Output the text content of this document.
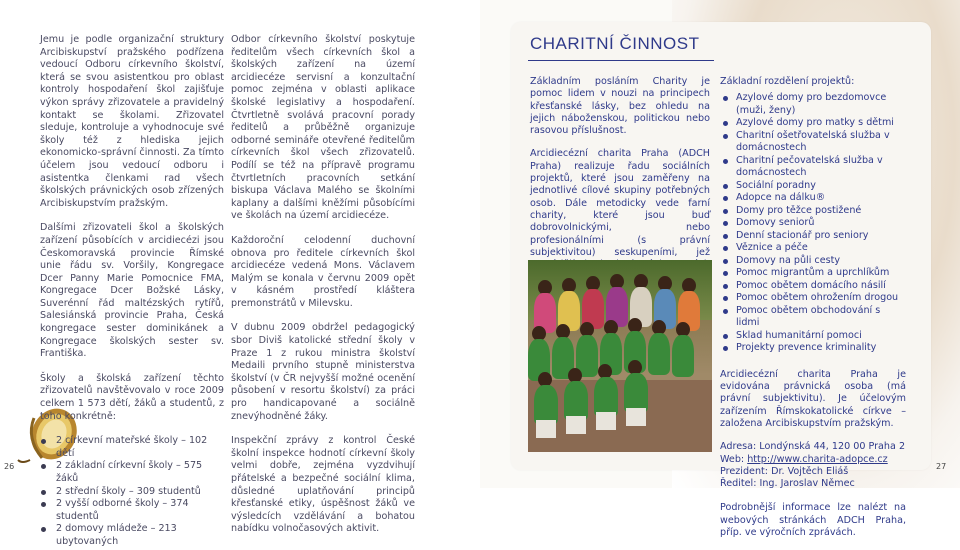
Jemu je podle organizační struktury Arcibiskupství pražského podřízena vedoucí Odboru církevního školství, která se svou asistentkou pro oblast kontroly hospodaření škol zajišťuje výkon správy zřizovatele a pravidelný kontakt se školami. Zřizovatel sleduje, kontroluje a vyhodnocuje své školy též z hlediska jejich ekonomicko-správní činnosti. Za tímto účelem jsou vedoucí odboru i asistentka členkami rad všech školských právnických osob zřízených Arcibiskupstvím pražským.

Dalšími zřizovateli škol a školských zařízení působících v arcidiecézi jsou Českomoravská provincie Římské unie řádu sv. Voršily, Kongregace Dcer Panny Marie Pomocnice FMA, Kongregace Dcer Božské Lásky, Suverénní řád maltézských rytířů, Salesiánská provincie Praha, Česká kongregace sester dominikánek a Kongregace školských sester sv. Františka.

Školy a školská zařízení těchto zřizovatelů navštěvovalo v roce 2009 celkem 1 573 dětí, žáků a studentů, z toho konkrétně:

2 církevní mateřské školy – 102 dětí
2 základní církevní školy – 575 žáků
2 střední školy – 309 studentů
2 vyšší odborné školy – 374 studentů
2 domovy mládeže – 213 ubytovaných

Odbor církevního školství poskytuje ředitelům všech církevních škol a školských zařízení na území arcidiecéze servisní a konzultační pomoc zejména v oblasti aplikace školské legislativy a hospodaření. Čtvrtletně svolává pracovní porady ředitelů a průběžně organizuje odborné semináře otevřené ředitelům církevních škol všech zřizovatelů. Podílí se též na přípravě programu čtvrtletních pracovních setkání biskupa Václava Malého se školními kaplany a dalšími kněžími působícími ve školách na území arcidiecéze.

Každoroční celodenní duchovní obnova pro ředitele církevních škol arcidiecéze vedená Mons. Václavem Malým se konala v červnu 2009 opět v kásném prostředí kláštera premonstrátů v Milevsku.

V dubnu 2009 obdržel pedagogický sbor Diviš katolické střední školy v Praze 1 z rukou ministra školství Medaili prvního stupně ministerstva školství (v ČR nejvyšší možné ocenění působení v resortu školství) za práci pro handicapované a sociálně znevýhodněné žáky.

Inspekční zprávy z kontrol České školní inspekce hodnotí církevní školy velmi dobře, zejména vyzdvihují přátelské a bezpečné sociální klima, důsledné uplatňování principů křesťanské etiky, úspěšnost žáků ve výsledcích vzdělávání a bohatou nabídku volnočasových aktivit.

26
CHARITNÍ ČINNOST

Základním posláním Charity je pomoc lidem v nouzi na principech křesťanské lásky, bez ohledu na jejich náboženskou, politickou nebo rasovou příslušnost.

Arcidiecézní charita Praha (ADCH Praha) realizuje řadu sociálních projektů, které jsou zaměřeny na jednotlivé cílové skupiny potřebných osob. Dále metodicky vede farní charity, které jsou buď dobrovolnickými, nebo profesionálními (s právní subjektivitou) seskupeními, jež

Základní rozdělení projektů:

Azylové domy pro bezdomovce (muži, ženy)
Azylové domy pro matky s dětmi
Charitní ošetřovatelská služba v domácnostech
Charitní pečovatelská služba v domácnostech
Sociální poradny
Adopce na dálku®
Domy pro těžce postižené
Domovy seniorů
Denní stacionář pro seniory
Věznice a péče
Domovy na půli cesty
Pomoc migrantům a uprchlíkům
Pomoc obětem domácího násilí
Pomoc obětem ohrožením drogou
Pomoc obětem obchodování s lidmi
Sklad humanitární pomoci
Projekty prevence kriminality

Arcidiecézní charita Praha je evidována právnická osoba (má právní subjektivitu). Je účelovým zařízením Římskokatolické církve – založena Arcibiskupstvím pražským.

Adresa: Londýnská 44, 120 00 Praha 2
Web: http://www.charita-adopce.cz
Prezident: Dr. Vojtěch Eliáš
Ředitel: Ing. Jaroslav Němec

Podrobnější informace lze nalézt na webových stránkách ADCH Praha, příp. ve výročních zprávách.

27
